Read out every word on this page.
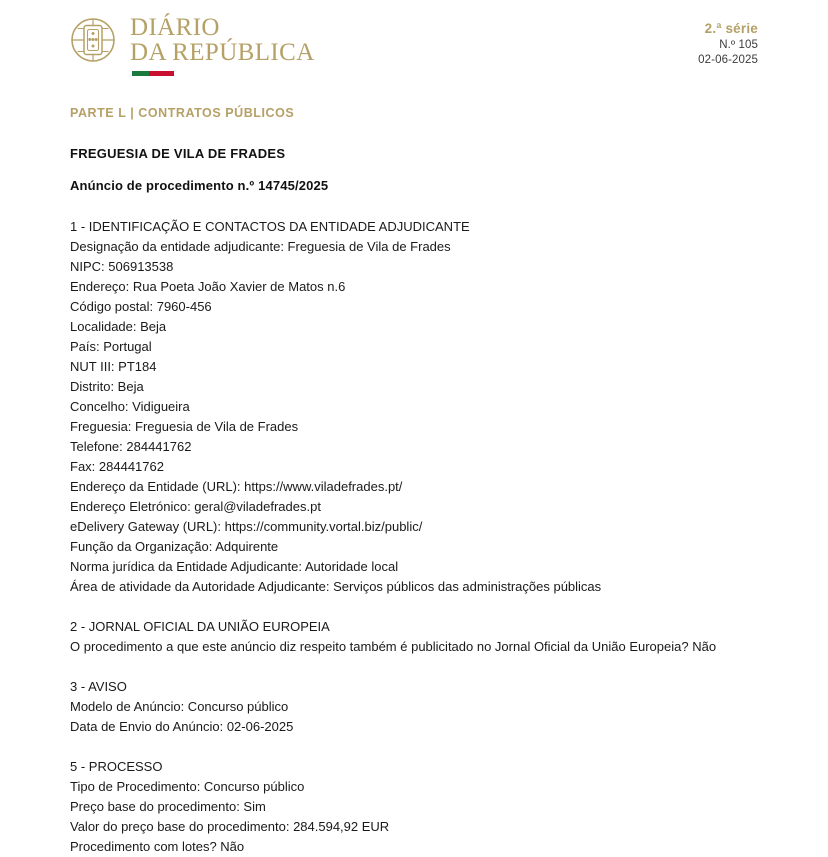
DIÁRIO
DA REPÚBLICA
2.ª série
N.º 105
02-06-2025
PARTE L | CONTRATOS PÚBLICOS
FREGUESIA DE VILA DE FRADES
Anúncio de procedimento n.º 14745/2025
1 - IDENTIFICAÇÃO E CONTACTOS DA ENTIDADE ADJUDICANTE
Designação da entidade adjudicante: Freguesia de Vila de Frades
NIPC: 506913538
Endereço: Rua Poeta João Xavier de Matos n.6
Código postal: 7960-456
Localidade: Beja
País: Portugal
NUT III: PT184
Distrito: Beja
Concelho: Vidigueira
Freguesia: Freguesia de Vila de Frades
Telefone: 284441762
Fax: 284441762
Endereço da Entidade (URL): https://www.viladefrades.pt/
Endereço Eletrónico: geral@viladefrades.pt
eDelivery Gateway (URL): https://community.vortal.biz/public/
Função da Organização: Adquirente
Norma jurídica da Entidade Adjudicante: Autoridade local
Área de atividade da Autoridade Adjudicante: Serviços públicos das administrações públicas
2 - JORNAL OFICIAL DA UNIÃO EUROPEIA
O procedimento a que este anúncio diz respeito também é publicitado no Jornal Oficial da União Europeia? Não
3 - AVISO
Modelo de Anúncio: Concurso público
Data de Envio do Anúncio: 02-06-2025
5 - PROCESSO
Tipo de Procedimento: Concurso público
Preço base do procedimento: Sim
Valor do preço base do procedimento: 284.594,92 EUR
Procedimento com lotes? Não
